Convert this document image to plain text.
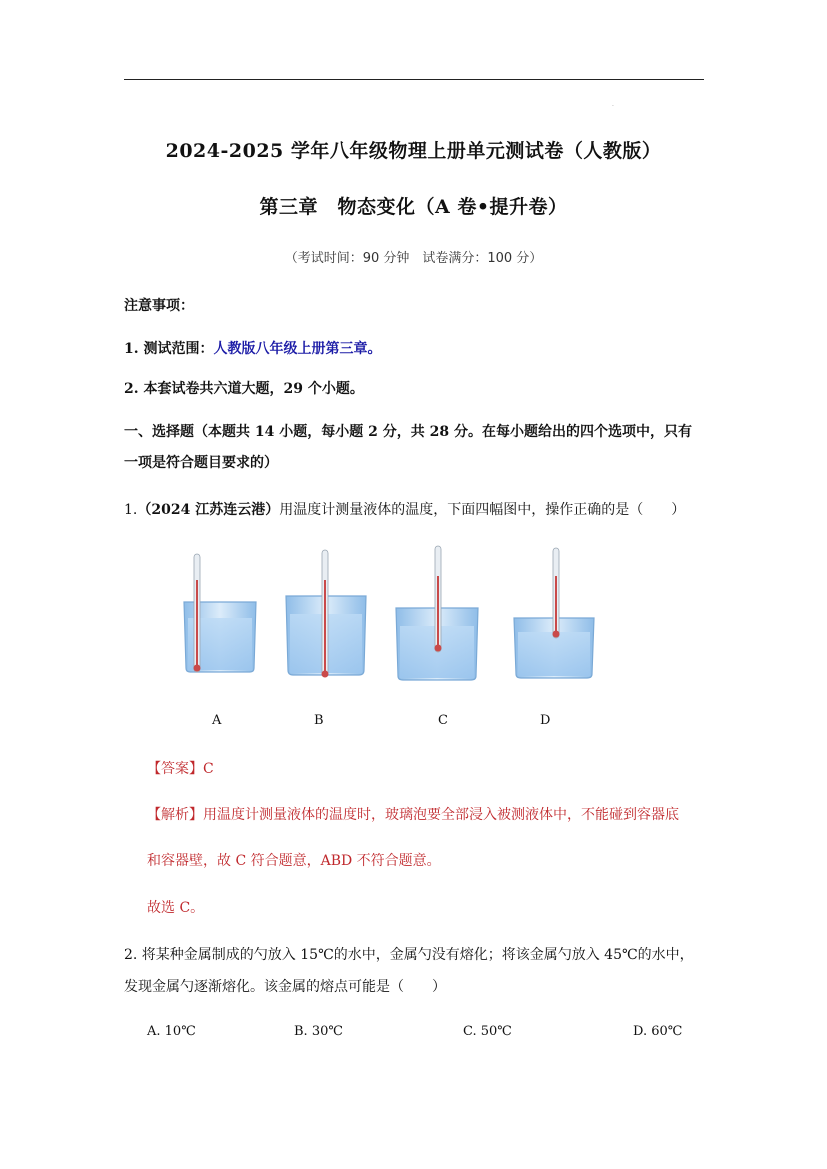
·
2024-2025 学年八年级物理上册单元测试卷（人教版）
第三章　物态变化（A 卷•提升卷）
（考试时间：90 分钟　试卷满分：100 分）
注意事项：
1. 测试范围：人教版八年级上册第三章。
2. 本套试卷共六道大题，29 个小题。
一、选择题（本题共 14 小题，每小题 2 分，共 28 分。在每小题给出的四个选项中，只有
一项是符合题目要求的）
1.（2024 江苏连云港）用温度计测量液体的温度，下面四幅图中，操作正确的是（　　）
A	B	C	D
【答案】C
【解析】用温度计测量液体的温度时，玻璃泡要全部浸入被测液体中，不能碰到容器底
和容器壁，故 C 符合题意，ABD 不符合题意。
故选 C。
2. 将某种金属制成的勺放入 15℃的水中，金属勺没有熔化；将该金属勺放入 45℃的水中，
发现金属勺逐渐熔化。该金属的熔点可能是（　　）
A. 10℃	B. 30℃	C. 50℃	D. 60℃
